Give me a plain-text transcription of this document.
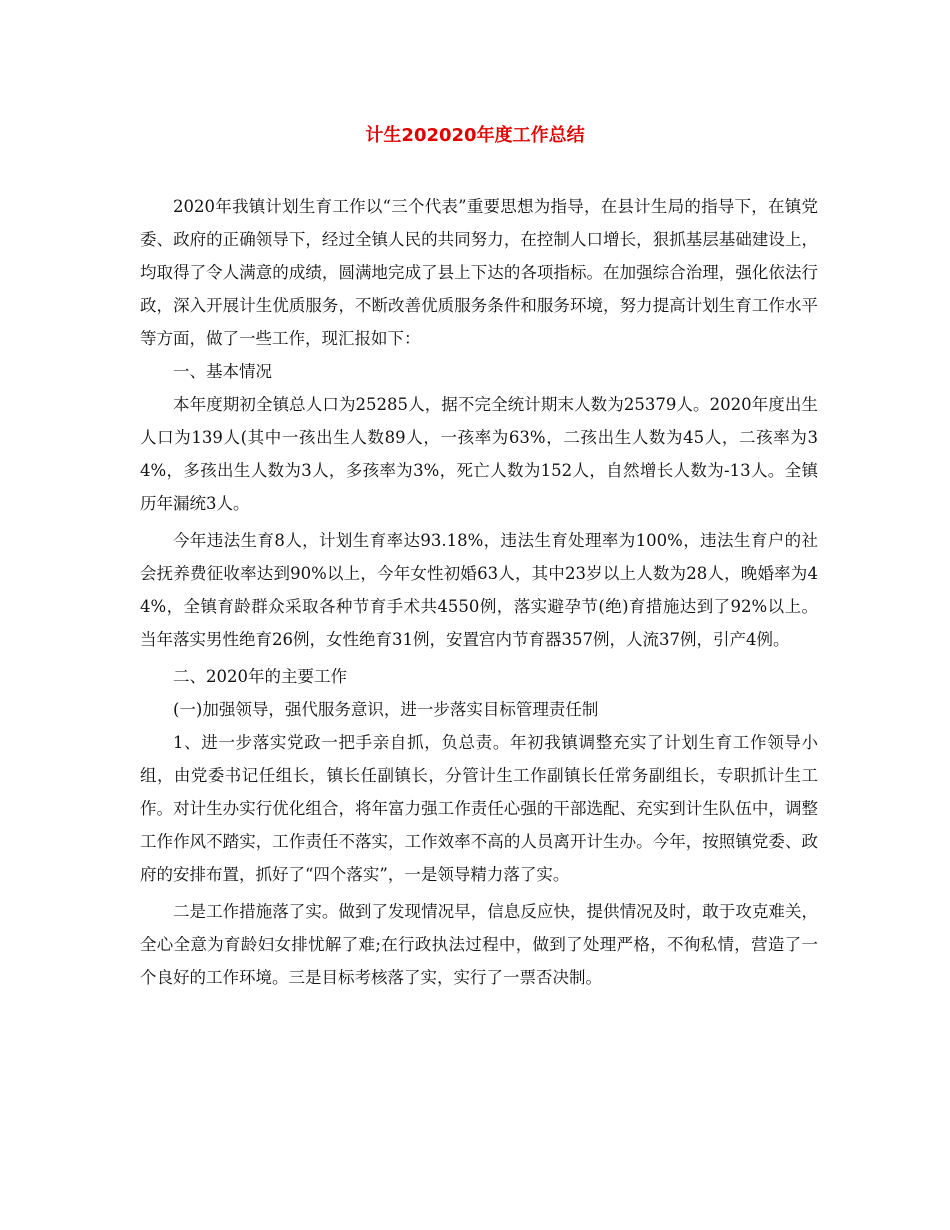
计生202020年度工作总结

2020年我镇计划生育工作以“三个代表”重要思想为指导，在县计生局的指导下，在镇党委、政府的正确领导下，经过全镇人民的共同努力，在控制人口增长，狠抓基层基础建设上，均取得了令人满意的成绩，圆满地完成了县上下达的各项指标。在加强综合治理，强化依法行政，深入开展计生优质服务，不断改善优质服务条件和服务环境，努力提高计划生育工作水平等方面，做了一些工作，现汇报如下：

一、基本情况

本年度期初全镇总人口为25285人，据不完全统计期末人数为25379人。2020年度出生人口为139人(其中一孩出生人数89人，一孩率为63%，二孩出生人数为45人，二孩率为34%，多孩出生人数为3人，多孩率为3%，死亡人数为152人，自然增长人数为-13人。全镇历年漏统3人。

今年违法生育8人，计划生育率达93.18%，违法生育处理率为100%，违法生育户的社会抚养费征收率达到90%以上，今年女性初婚63人，其中23岁以上人数为28人，晚婚率为44%，全镇育龄群众采取各种节育手术共4550例，落实避孕节(绝)育措施达到了92%以上。当年落实男性绝育26例，女性绝育31例，安置宫内节育器357例，人流37例，引产4例。

二、2020年的主要工作

(一)加强领导，强代服务意识，进一步落实目标管理责任制

1、进一步落实党政一把手亲自抓，负总责。年初我镇调整充实了计划生育工作领导小组，由党委书记任组长，镇长任副镇长，分管计生工作副镇长任常务副组长，专职抓计生工作。对计生办实行优化组合，将年富力强工作责任心强的干部选配、充实到计生队伍中，调整工作作风不踏实，工作责任不落实，工作效率不高的人员离开计生办。今年，按照镇党委、政府的安排布置，抓好了“四个落实”，一是领导精力落了实。

二是工作措施落了实。做到了发现情况早，信息反应快，提供情况及时，敢于攻克难关，全心全意为育龄妇女排忧解了难;在行政执法过程中，做到了处理严格，不徇私情，营造了一个良好的工作环境。三是目标考核落了实，实行了一票否决制。
